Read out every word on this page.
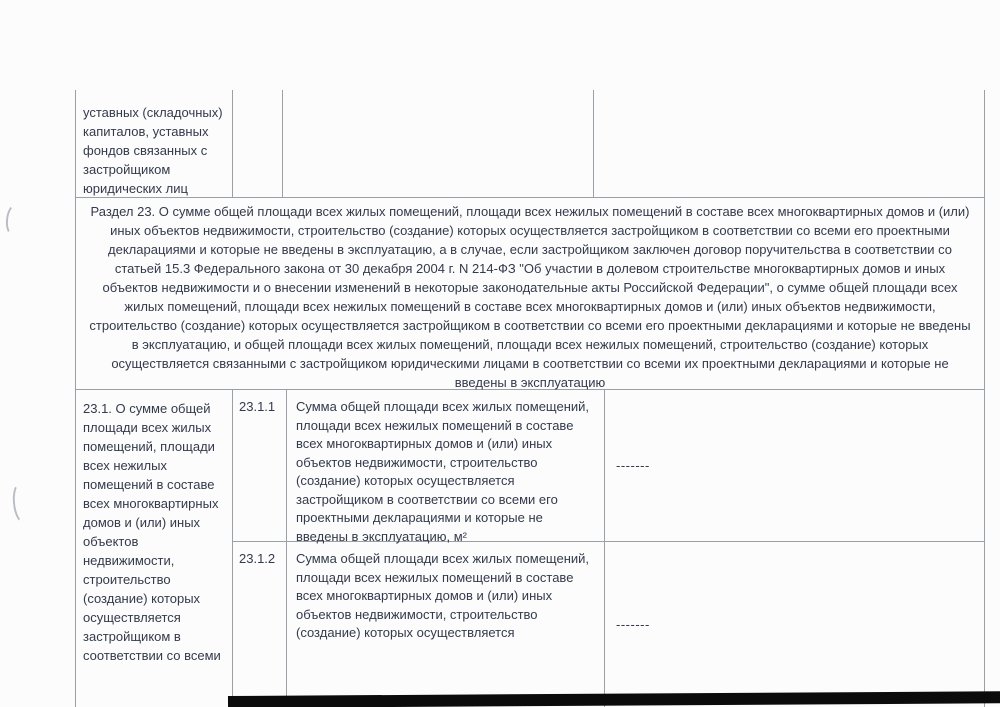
уставных (складочных) капиталов, уставных фондов связанных с застройщиком юридических лиц
Раздел 23. О сумме общей площади всех жилых помещений, площади всех нежилых помещений в составе всех многоквартирных домов и (или) иных объектов недвижимости, строительство (создание) которых осуществляется застройщиком в соответствии со всеми его проектными декларациями и которые не введены в эксплуатацию, а в случае, если застройщиком заключен договор поручительства в соответствии со статьей 15.3 Федерального закона от 30 декабря 2004 г. N 214-ФЗ "Об участии в долевом строительстве многоквартирных домов и иных объектов недвижимости и о внесении изменений в некоторые законодательные акты Российской Федерации", о сумме общей площади всех жилых помещений, площади всех нежилых помещений в составе всех многоквартирных домов и (или) иных объектов недвижимости, строительство (создание) которых осуществляется застройщиком в соответствии со всеми его проектными декларациями и которые не введены в эксплуатацию, и общей площади всех жилых помещений, площади всех нежилых помещений, строительство (создание) которых осуществляется связанными с застройщиком юридическими лицами в соответствии со всеми их проектными декларациями и которые не введены в эксплуатацию
23.1. О сумме общей площади всех жилых помещений, площади всех нежилых помещений в составе всех многоквартирных домов и (или) иных объектов недвижимости, строительство (создание) которых осуществляется застройщиком в соответствии со всеми
23.1.1	Сумма общей площади всех жилых помещений, площади всех нежилых помещений в составе всех многоквартирных домов и (или) иных объектов недвижимости, строительство (создание) которых осуществляется застройщиком в соответствии со всеми его проектными декларациями и которые не введены в эксплуатацию, м²
-------
23.1.2	Сумма общей площади всех жилых помещений, площади всех нежилых помещений в составе всех многоквартирных домов и (или) иных объектов недвижимости, строительство (создание) которых осуществляется
-------
